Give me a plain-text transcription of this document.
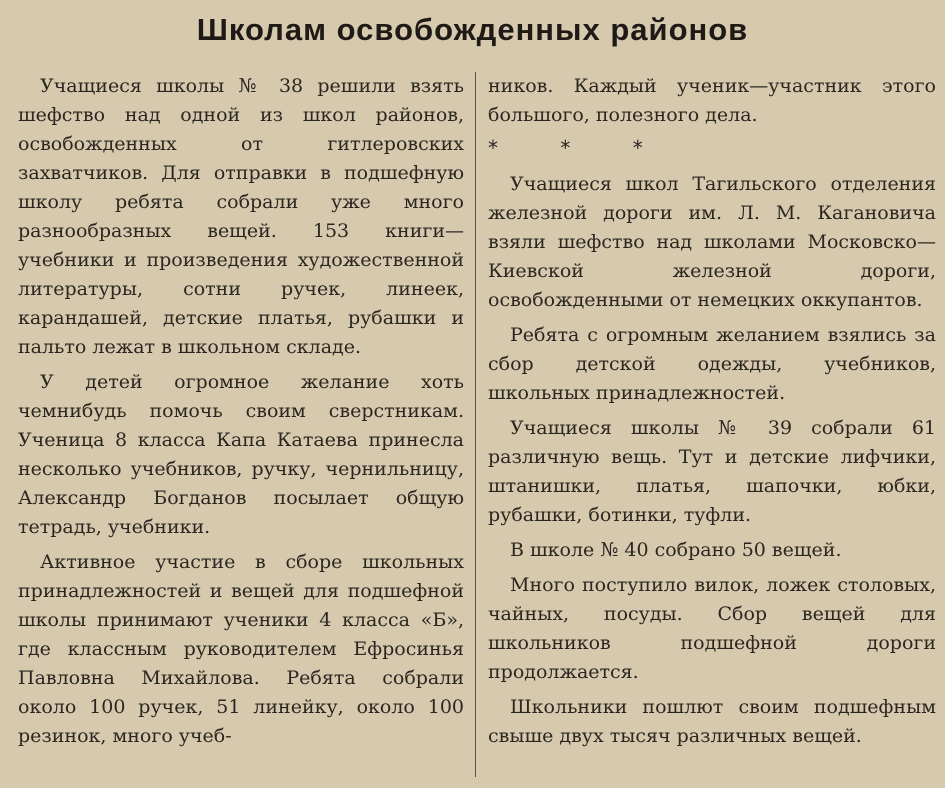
Школам освобожденных районов

Учащиеся школы № 38 решили взять шефство над одной из школ районов, освобожденных от гитлеровских захватчиков. Для отправки в подшефную школу ребята собрали уже много разнообразных вещей. 153 книги—учебники и произведения художественной литературы, сотни ручек, линеек, карандашей, детские платья, рубашки и пальто лежат в школьном складе.

У детей огромное желание хоть чемнибудь помочь своим сверстникам. Ученица 8 класса Капа Катаева принесла несколько учебников, ручку, чернильницу, Александр Богданов посылает общую тетрадь, учебники.

Активное участие в сборе школьных принадлежностей и вещей для подшефной школы принимают ученики 4 класса «Б», где классным руководителем Ефросинья Павловна Михайлова. Ребята собрали около 100 ручек, 51 линейку, около 100 резинок, много учеб-

ников. Каждый ученик—участник этого большого, полезного дела.

* * *

Учащиеся школ Тагильского отделения железной дороги им. Л. М. Кагановича взяли шефство над школами Московско—Киевской железной дороги, освобожденными от немецких оккупантов.

Ребята с огромным желанием взялись за сбор детской одежды, учебников, школьных принадлежностей.

Учащиеся школы № 39 собрали 61 различную вещь. Тут и детские лифчики, штанишки, платья, шапочки, юбки, рубашки, ботинки, туфли.

В школе № 40 собрано 50 вещей.

Много поступило вилок, ложек столовых, чайных, посуды. Сбор вещей для школьников подшефной дороги продолжается.

Школьники пошлют своим подшефным свыше двух тысяч различных вещей.
